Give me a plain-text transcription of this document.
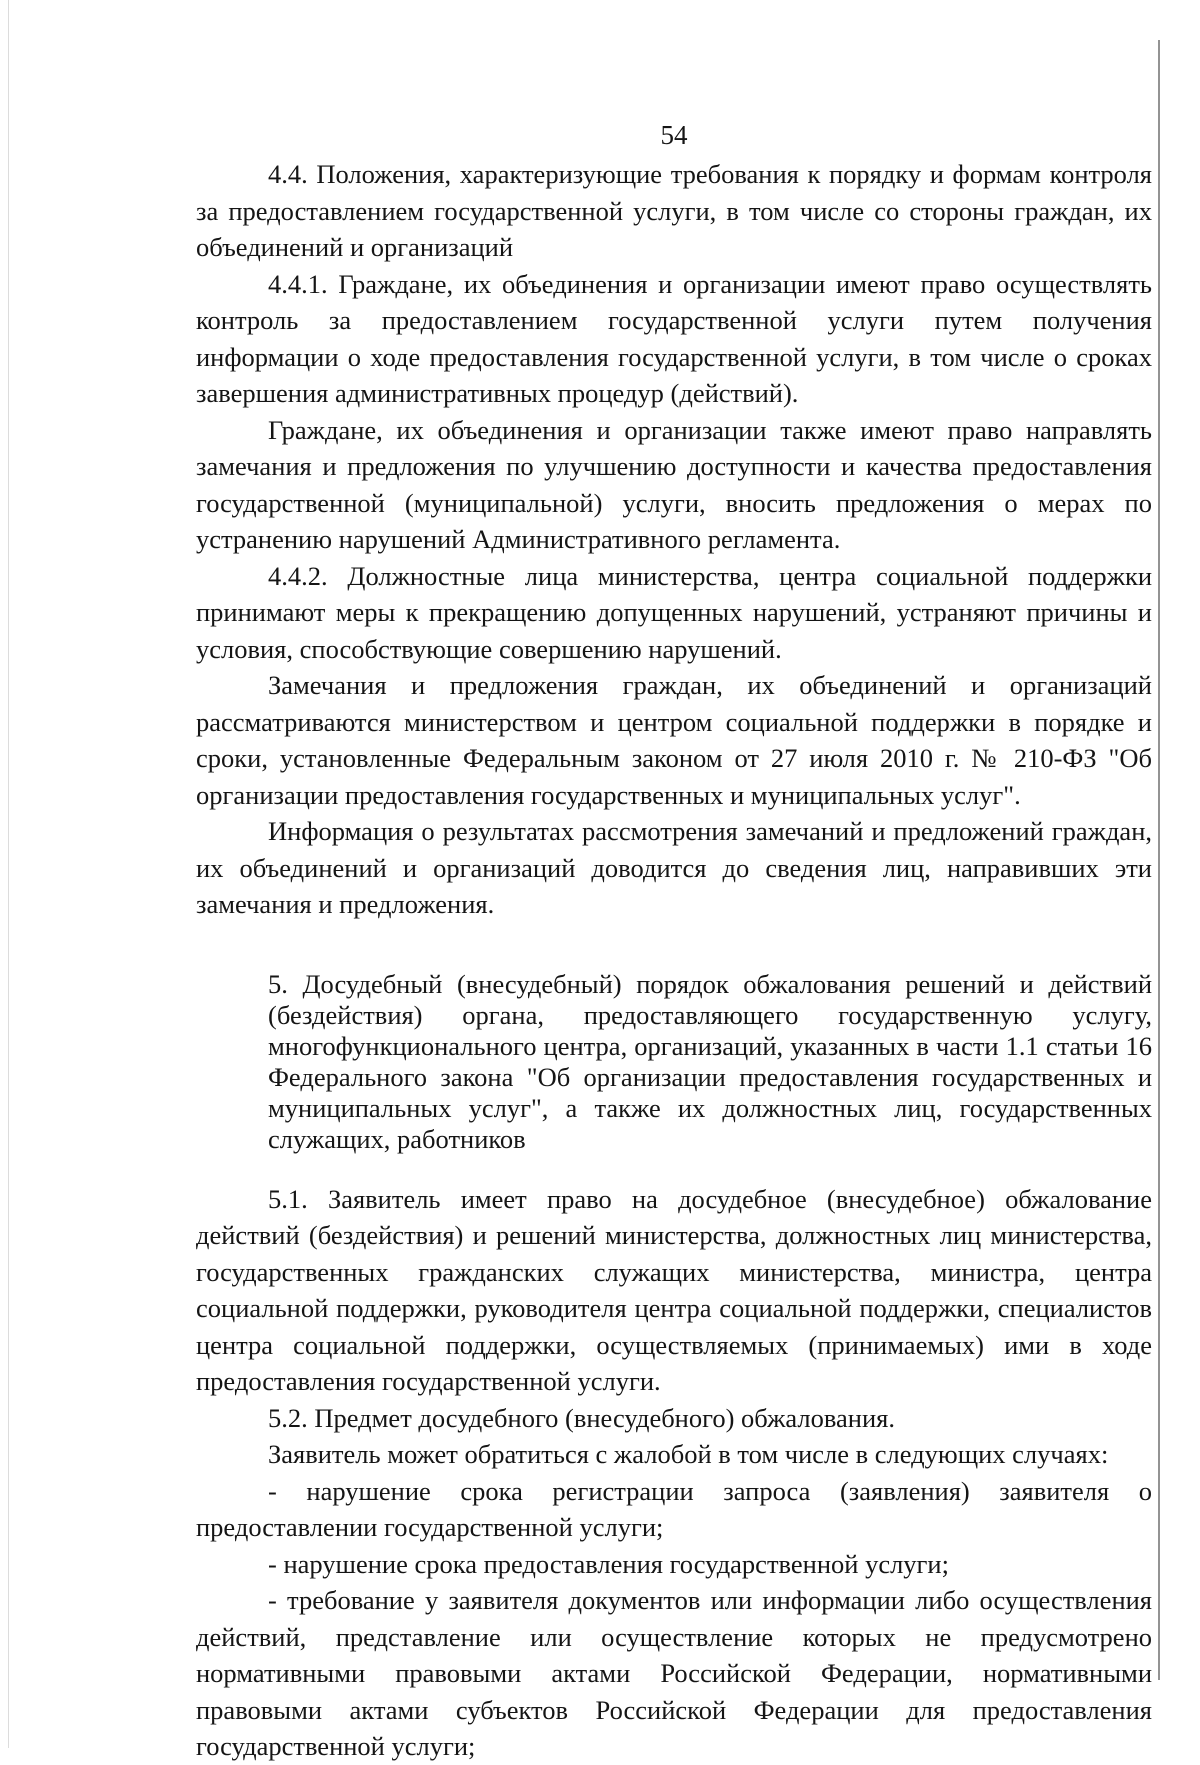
54

4.4. Положения, характеризующие требования к порядку и формам контроля за предоставлением государственной услуги, в том числе со стороны граждан, их объединений и организаций

4.4.1. Граждане, их объединения и организации имеют право осуществлять контроль за предоставлением государственной услуги путем получения информации о ходе предоставления государственной услуги, в том числе о сроках завершения административных процедур (действий).

Граждане, их объединения и организации также имеют право направлять замечания и предложения по улучшению доступности и качества предоставления государственной (муниципальной) услуги, вносить предложения о мерах по устранению нарушений Административного регламента.

4.4.2. Должностные лица министерства, центра социальной поддержки принимают меры к прекращению допущенных нарушений, устраняют причины и условия, способствующие совершению нарушений.

Замечания и предложения граждан, их объединений и организаций рассматриваются министерством и центром социальной поддержки в порядке и сроки, установленные Федеральным законом от 27 июля 2010 г. № 210-ФЗ "Об организации предоставления государственных и муниципальных услуг".

Информация о результатах рассмотрения замечаний и предложений граждан, их объединений и организаций доводится до сведения лиц, направивших эти замечания и предложения.

5. Досудебный (внесудебный) порядок обжалования решений и действий (бездействия) органа, предоставляющего государственную услугу, многофункционального центра, организаций, указанных в части 1.1 статьи 16 Федерального закона "Об организации предоставления государственных и муниципальных услуг", а также их должностных лиц, государственных служащих, работников

5.1. Заявитель имеет право на досудебное (внесудебное) обжалование действий (бездействия) и решений министерства, должностных лиц министерства, государственных гражданских служащих министерства, министра, центра социальной поддержки, руководителя центра социальной поддержки, специалистов центра социальной поддержки, осуществляемых (принимаемых) ими в ходе предоставления государственной услуги.

5.2. Предмет досудебного (внесудебного) обжалования.

Заявитель может обратиться с жалобой в том числе в следующих случаях:

- нарушение срока регистрации запроса (заявления) заявителя о предоставлении государственной услуги;

- нарушение срока предоставления государственной услуги;

- требование у заявителя документов или информации либо осуществления действий, представление или осуществление которых не предусмотрено нормативными правовыми актами Российской Федерации, нормативными правовыми актами субъектов Российской Федерации для предоставления государственной услуги;
